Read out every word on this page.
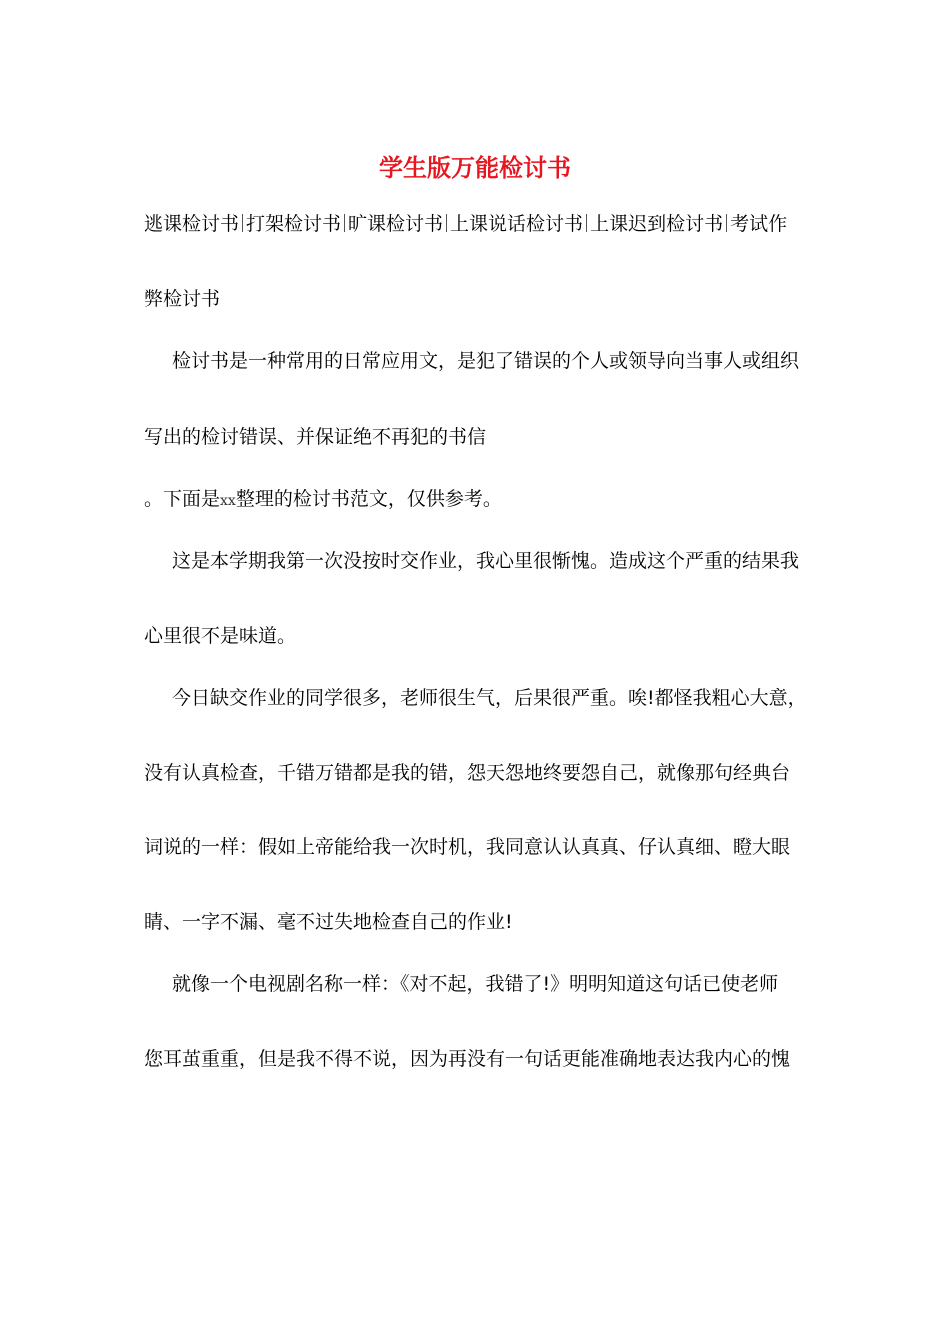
学生版万能检讨书
逃课检讨书 打架检讨书 旷课检讨书 上课说话检讨书 上课迟到检讨书 考试作
弊检讨书
检讨书是一种常用的日常应用文，是犯了错误的个人或领导向当事人或组织
写出的检讨错误、并保证绝不再犯的书信
。下面是xx整理的检讨书范文，仅供参考。
这是本学期我第一次没按时交作业，我心里很惭愧。造成这个严重的结果我
心里很不是味道。
今日缺交作业的同学很多，老师很生气，后果很严重。唉!都怪我粗心大意，
没有认真检查，千错万错都是我的错，怨天怨地终要怨自己，就像那句经典台
词说的一样：假如上帝能给我一次时机，我同意认认真真、仔认真细、瞪大眼
睛、一字不漏、毫不过失地检查自己的作业!
就像一个电视剧名称一样：《对不起，我错了!》明明知道这句话已使老师
您耳茧重重，但是我不得不说，因为再没有一句话更能准确地表达我内心的愧
